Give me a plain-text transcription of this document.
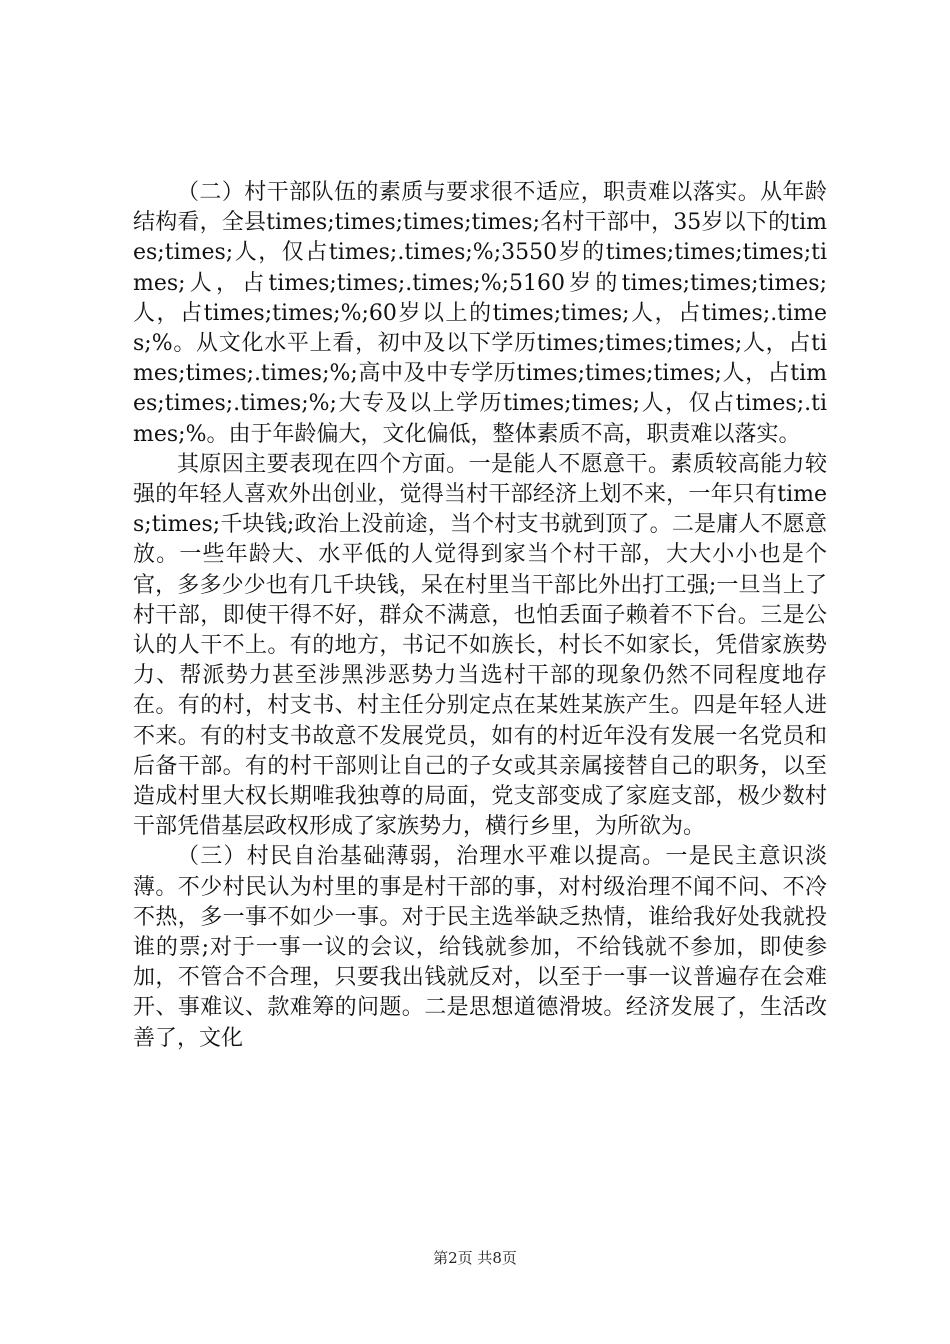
（二）村干部队伍的素质与要求很不适应，职责难以落实。从年龄结构看，全县times;times;times;times;名村干部中，35岁以下的times;times;人，仅占times;.times;%;3550岁的times;times;times;times;人，占times;times;.times;%;5160岁的times;times;times;人，占times;times;%;60岁以上的times;times;人，占times;.times;%。从文化水平上看，初中及以下学历times;times;times;人，占times;times;.times;%;高中及中专学历times;times;times;人，占times;times;.times;%;大专及以上学历times;times;人，仅占times;.times;%。由于年龄偏大，文化偏低，整体素质不高，职责难以落实。

其原因主要表现在四个方面。一是能人不愿意干。素质较高能力较强的年轻人喜欢外出创业，觉得当村干部经济上划不来，一年只有times;times;千块钱;政治上没前途，当个村支书就到顶了。二是庸人不愿意放。一些年龄大、水平低的人觉得到家当个村干部，大大小小也是个官，多多少少也有几千块钱，呆在村里当干部比外出打工强;一旦当上了村干部，即使干得不好，群众不满意，也怕丢面子赖着不下台。三是公认的人干不上。有的地方，书记不如族长，村长不如家长，凭借家族势力、帮派势力甚至涉黑涉恶势力当选村干部的现象仍然不同程度地存在。有的村，村支书、村主任分别定点在某姓某族产生。四是年轻人进不来。有的村支书故意不发展党员，如有的村近年没有发展一名党员和后备干部。有的村干部则让自己的子女或其亲属接替自己的职务，以至造成村里大权长期唯我独尊的局面，党支部变成了家庭支部，极少数村干部凭借基层政权形成了家族势力，横行乡里，为所欲为。

（三）村民自治基础薄弱，治理水平难以提高。一是民主意识淡薄。不少村民认为村里的事是村干部的事，对村级治理不闻不问、不冷不热，多一事不如少一事。对于民主选举缺乏热情，谁给我好处我就投谁的票;对于一事一议的会议，给钱就参加，不给钱就不参加，即使参加，不管合不合理，只要我出钱就反对，以至于一事一议普遍存在会难开、事难议、款难筹的问题。二是思想道德滑坡。经济发展了，生活改善了，文化

第2页 共8页
